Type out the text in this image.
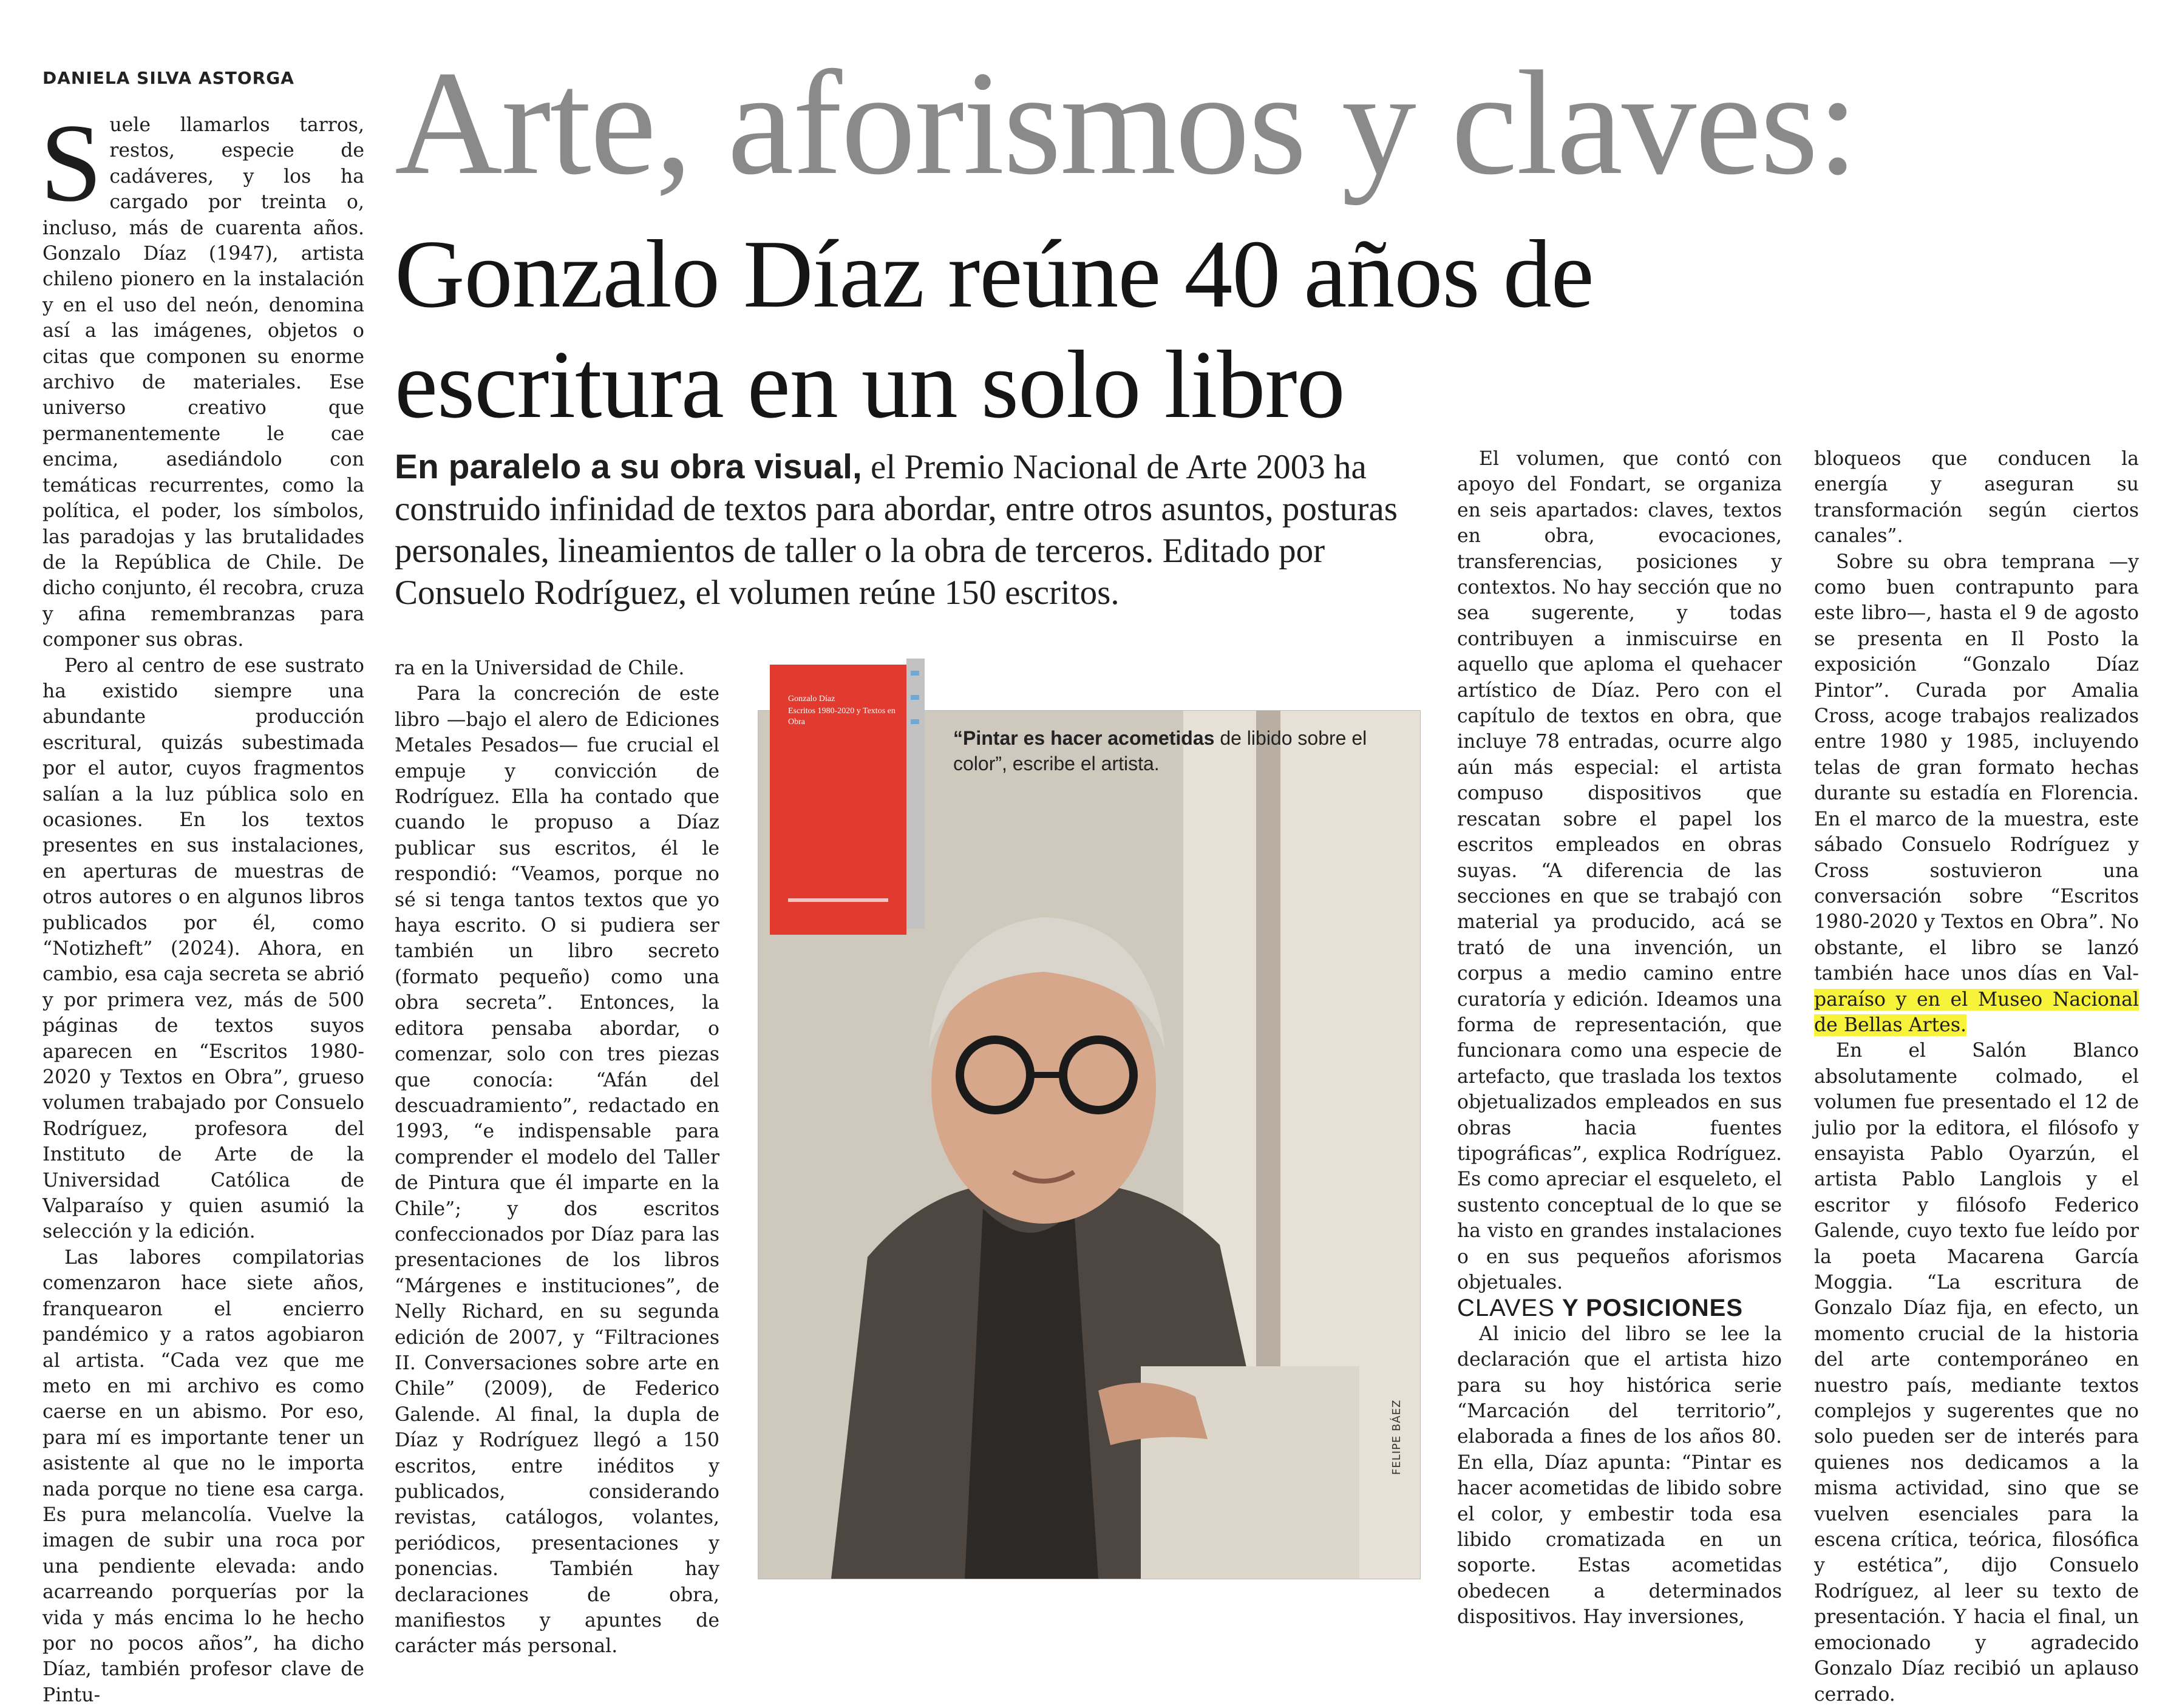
DANIELA SILVA ASTORGA Arte, aforismos y claves:
Gonzalo Díaz reúne 40 años de escritura en un solo libro
En paralelo a su obra visual, el Premio Nacional de Arte 2003 ha construido infinidad de textos para abordar, entre otros asuntos, posturas personales, lineamientos de taller o la obra de terceros. Editado por Consuelo Rodríguez, el volumen reúne 150 escritos.

Suele llamarlos tarros, restos, especie de cadáveres, y los ha cargado por treinta o, incluso, más de cuarenta años. Gonzalo Díaz (1947), artista chileno pionero en la instalación y en el uso del neón, denomina así a las imágenes, objetos o citas que componen su enorme archivo de materiales. Ese universo creativo que permanentemente le cae encima, asediándolo con temáticas recurrentes, como la política, el poder, los símbolos, las paradojas y las brutalidades de la República de Chile. De dicho conjunto, él recobra, cruza y afina remembranzas para componer sus obras.

Pero al centro de ese sustrato ha existido siempre una abundante producción escritural, quizás subestimada por el autor, cuyos fragmentos salían a la luz pública solo en ocasiones. En los textos presentes en sus instalaciones, en aperturas de muestras de otros autores o en algunos libros publicados por él, como “Notizheft” (2024). Ahora, en cambio, esa caja secreta se abrió y por primera vez, más de 500 páginas de textos suyos aparecen en “Escritos 1980-2020 y Textos en Obra”, grueso volumen trabajado por Consuelo Rodríguez, profesora del Instituto de Arte de la Universidad Católica de Valparaíso y quien asumió la selección y la edición.

Las labores compilatorias comenzaron hace siete años, franquearon el encierro pandémico y a ratos agobiaron al artista. “Cada vez que me meto en mi archivo es como caerse en un abismo. Por eso, para mí es importante tener un asistente al que no le importa nada porque no tiene esa carga. Es pura melancolía. Vuelve la imagen de subir una roca por una pendiente elevada: ando acarreando porquerías por la vida y más encima lo he hecho por no pocos años”, ha dicho Díaz, también profesor clave de Pintu-

ra en la Universidad de Chile.

Para la concreción de este libro —bajo el alero de Ediciones Metales Pesados— fue crucial el empuje y convicción de Rodríguez. Ella ha contado que cuando le propuso a Díaz publicar sus escritos, él le respondió: “Veamos, porque no sé si tenga tantos textos que yo haya escrito. O si pudiera ser también un libro secreto (formato pequeño) como una obra secreta”. Entonces, la editora pensaba abordar, o comenzar, solo con tres piezas que conocía: “Afán del descuadramiento”, redactado en 1993, “e indispensable para comprender el modelo del Taller de Pintura que él imparte en la Chile”; y dos escritos confeccionados por Díaz para las presentaciones de los libros “Márgenes e instituciones”, de Nelly Richard, en su segunda edición de 2007, y “Filtraciones II. Conversaciones sobre arte en Chile” (2009), de Federico Galende. Al final, la dupla de Díaz y Rodríguez llegó a 150 escritos, entre inéditos y publicados, considerando revistas, catálogos, volantes, periódicos, presentaciones y ponencias. También hay declaraciones de obra, manifiestos y apuntes de carácter más personal.

Gonzalo Díaz
Escritos 1980-2020 y Textos en Obra
“Pintar es hacer acometidas de libido sobre el color”, escribe el artista.
FELIPE BÁEZ

El volumen, que contó con apoyo del Fondart, se organiza en seis apartados: claves, textos en obra, evocaciones, transferencias, posiciones y contextos. No hay sección que no sea sugerente, y todas contribuyen a inmiscuirse en aquello que aploma el quehacer artístico de Díaz. Pero con el capítulo de textos en obra, que incluye 78 entradas, ocurre algo aún más especial: el artista compuso dispositivos que rescatan sobre el papel los escritos empleados en obras suyas. “A diferencia de las secciones en que se trabajó con material ya producido, acá se trató de una invención, un corpus a medio camino entre curatoría y edición. Ideamos una forma de representación, que funcionara como una especie de artefacto, que traslada los textos objetualizados empleados en sus obras hacia fuentes tipográficas”, explica Rodríguez. Es como apreciar el esqueleto, el sustento conceptual de lo que se ha visto en grandes instalaciones o en sus pequeños aforismos objetuales.

CLAVES Y POSICIONES

Al inicio del libro se lee la declaración que el artista hizo para su hoy histórica serie “Marcación del territorio”, elaborada a fines de los años 80. En ella, Díaz apunta: “Pintar es hacer acometidas de libido sobre el color, y embestir toda esa libido cromatizada en un soporte. Estas acometidas obedecen a determinados dispositivos. Hay inversiones,

bloqueos que conducen la energía y aseguran su transformación según ciertos canales”.

Sobre su obra temprana —y como buen contrapunto para este libro—, hasta el 9 de agosto se presenta en Il Posto la exposición “Gonzalo Díaz Pintor”. Curada por Amalia Cross, acoge trabajos realizados entre 1980 y 1985, incluyendo telas de gran formato hechas durante su estadía en Florencia. En el marco de la muestra, este sábado Consuelo Rodríguez y Cross sostuvieron una conversación sobre “Escritos 1980-2020 y Textos en Obra”. No obstante, el libro se lanzó también hace unos días en Val- paraíso y en el Museo Nacional de Bellas Artes.

En el Salón Blanco absolutamente colmado, el volumen fue presentado el 12 de julio por la editora, el filósofo y ensayista Pablo Oyarzún, el artista Pablo Langlois y el escritor y filósofo Federico Galende, cuyo texto fue leído por la poeta Macarena García Moggia. “La escritura de Gonzalo Díaz fija, en efecto, un momento crucial de la historia del arte contemporáneo en nuestro país, mediante textos complejos y sugerentes que no solo pueden ser de interés para quienes nos dedicamos a la misma actividad, sino que se vuelven esenciales para la escena crítica, teórica, filosófica y estética”, dijo Consuelo Rodríguez, al leer su texto de presentación. Y hacia el final, un emocionado y agradecido Gonzalo Díaz recibió un aplauso cerrado.
